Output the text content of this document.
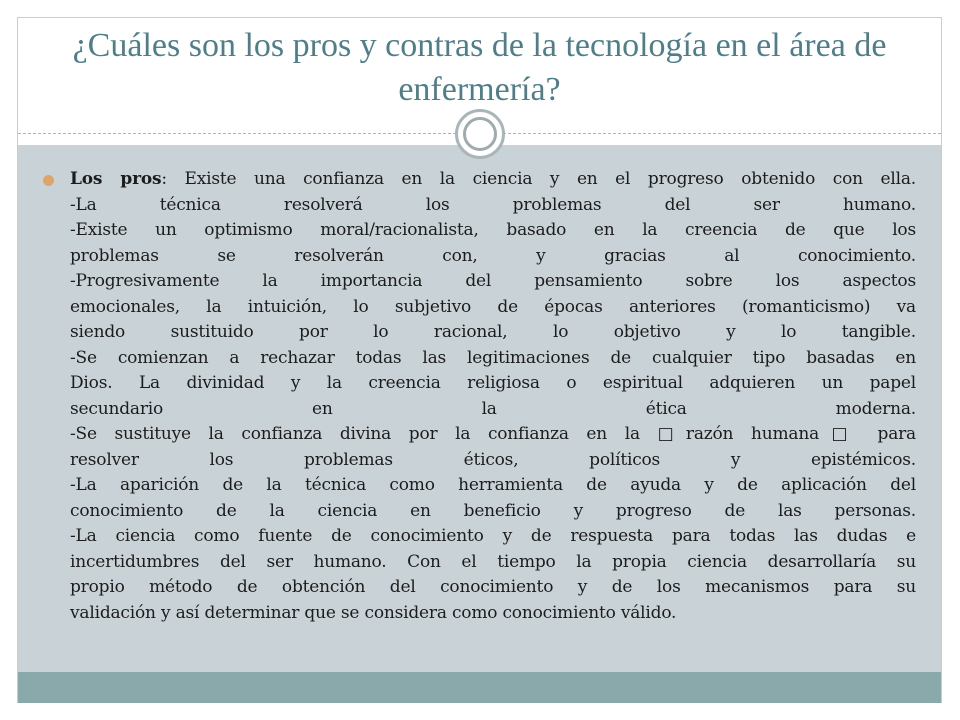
¿Cuáles son los pros y contras de la tecnología en el área de enfermería?
Los pros: Existe una confianza en la ciencia y en el progreso obtenido con ella.
-La técnica resolverá los problemas del ser humano.
-Existe un optimismo moral/racionalista, basado en la creencia de que los
problemas se resolverán con, y gracias al conocimiento.
-Progresivamente la importancia del pensamiento sobre los aspectos
emocionales, la intuición, lo subjetivo de épocas anteriores (romanticismo) va
siendo sustituido por lo racional, lo objetivo y lo tangible.
-Se comienzan a rechazar todas las legitimaciones de cualquier tipo basadas en
Dios. La divinidad y la creencia religiosa o espiritual adquieren un papel
secundario en la ética moderna.
-Se sustituye la confianza divina por la confianza en la □razón humana□ para
resolver los problemas éticos, políticos y epistémicos.
-La aparición de la técnica como herramienta de ayuda y de aplicación del
conocimiento de la ciencia en beneficio y progreso de las personas.
-La ciencia como fuente de conocimiento y de respuesta para todas las dudas e
incertidumbres del ser humano. Con el tiempo la propia ciencia desarrollaría su
propio método de obtención del conocimiento y de los mecanismos para su
validación y así determinar que se considera como conocimiento válido.
